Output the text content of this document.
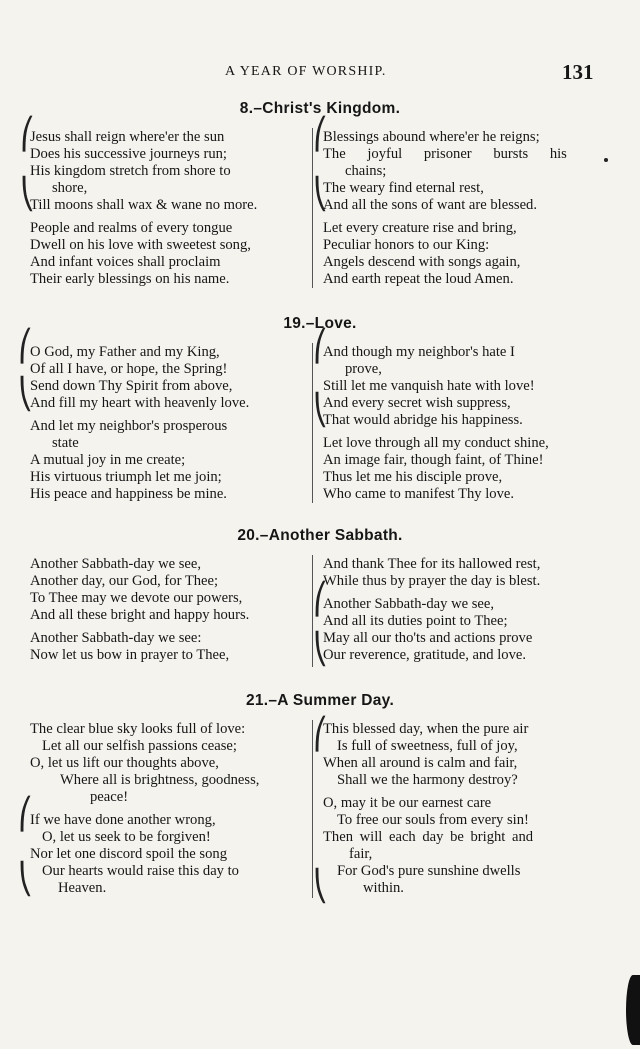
A YEAR OF WORSHIP.	131
8.–Christ's Kingdom.
Jesus shall reign where'er the sun
Does his successive journeys run;
His kingdom stretch from shore to
shore,
Till moons shall wax & wane no more.
People and realms of every tongue
Dwell on his love with sweetest song,
And infant voices shall proclaim
Their early blessings on his name.
Blessings abound where'er he reigns;
The joyful prisoner bursts his
chains;
The weary find eternal rest,
And all the sons of want are blessed.
Let every creature rise and bring,
Peculiar honors to our King:
Angels descend with songs again,
And earth repeat the loud Amen.
19.–Love.
O God, my Father and my King,
Of all I have, or hope, the Spring!
Send down Thy Spirit from above,
And fill my heart with heavenly love.
And let my neighbor's prosperous
state
A mutual joy in me create;
His virtuous triumph let me join;
His peace and happiness be mine.
And though my neighbor's hate I
prove,
Still let me vanquish hate with love!
And every secret wish suppress,
That would abridge his happiness.
Let love through all my conduct shine,
An image fair, though faint, of Thine!
Thus let me his disciple prove,
Who came to manifest Thy love.
20.–Another Sabbath.
Another Sabbath-day we see,
Another day, our God, for Thee;
To Thee may we devote our powers,
And all these bright and happy hours.
Another Sabbath-day we see:
Now let us bow in prayer to Thee,
And thank Thee for its hallowed rest,
While thus by prayer the day is blest.
Another Sabbath-day we see,
And all its duties point to Thee;
May all our tho'ts and actions prove
Our reverence, gratitude, and love.
21.–A Summer Day.
The clear blue sky looks full of love:
Let all our selfish passions cease;
O, let us lift our thoughts above,
Where all is brightness, goodness,
peace!
If we have done another wrong,
O, let us seek to be forgiven!
Nor let one discord spoil the song
Our hearts would raise this day to
Heaven.
This blessed day, when the pure air
Is full of sweetness, full of joy,
When all around is calm and fair,
Shall we the harmony destroy?
O, may it be our earnest care
To free our souls from every sin!
Then will each day be bright and
fair,
For God's pure sunshine dwells
within.
⎛
⎝
⎛
⎝
⎛
⎝
⎛
⎝
⎛
⎝
⎛
⎝
⎛
⎝
